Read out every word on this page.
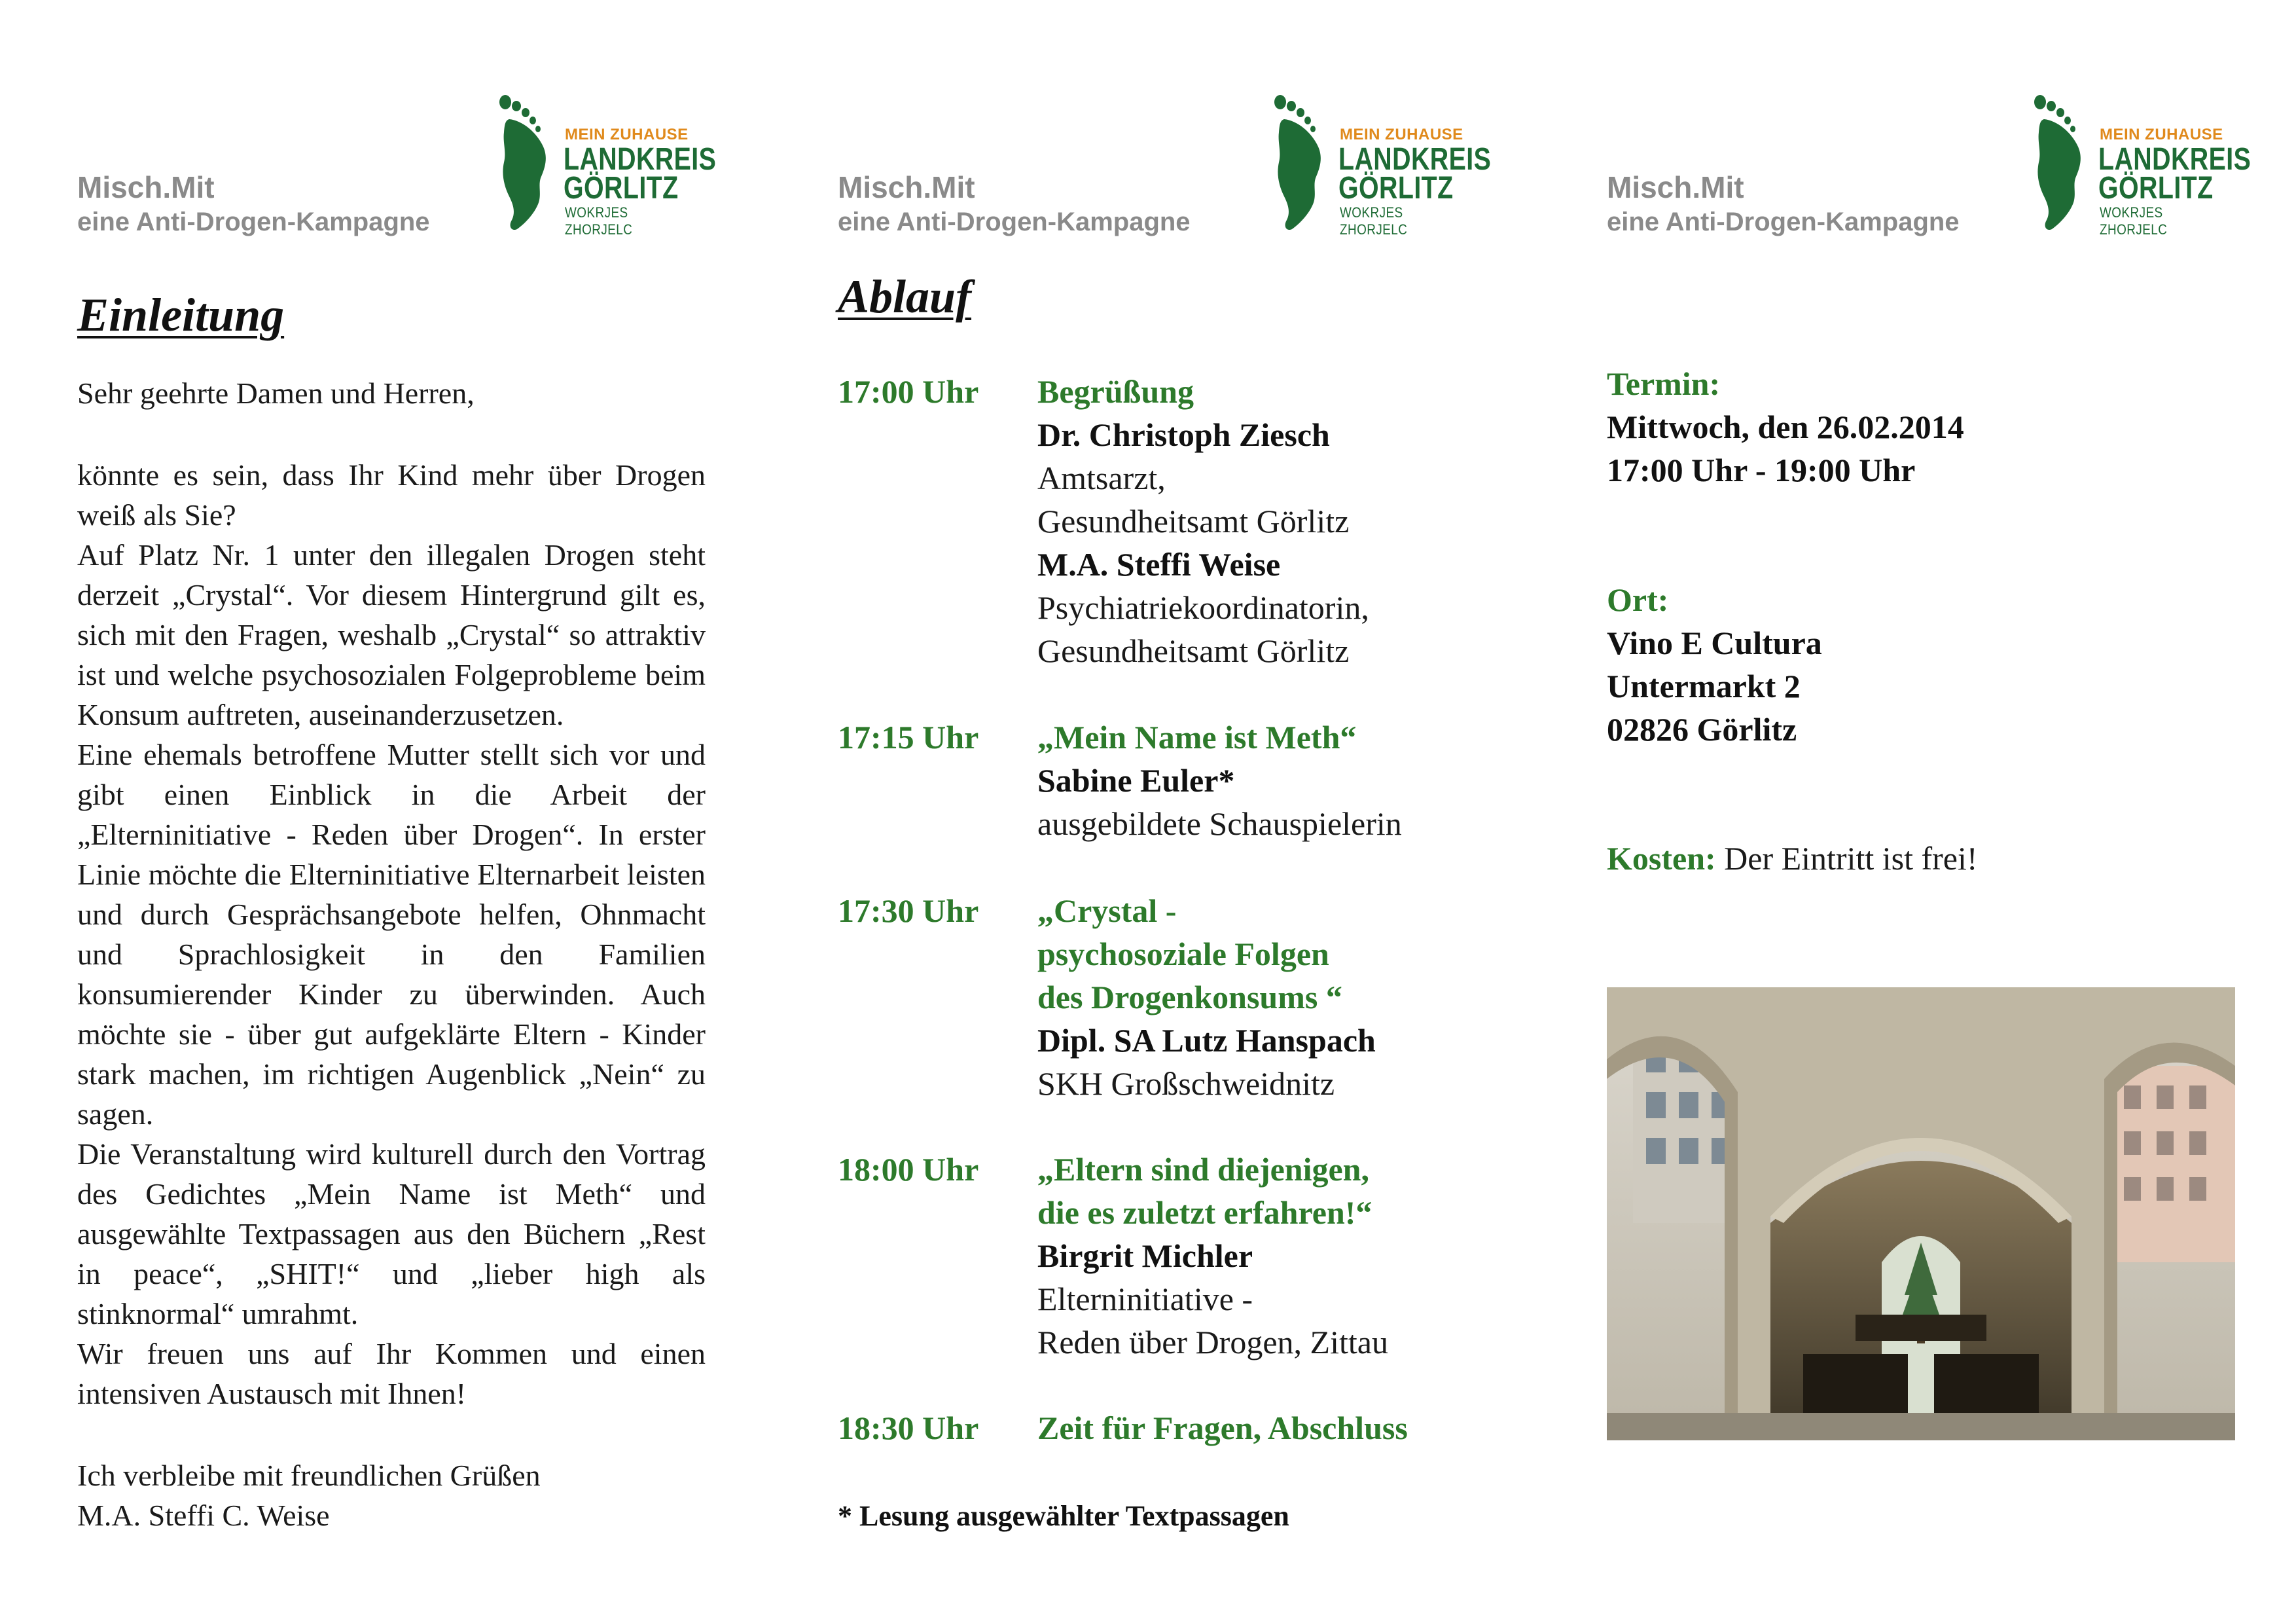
Misch.Mit
eine Anti-Drogen-Kampagne
MEIN ZUHAUSE
LANDKREIS
GÖRLITZ
WOKRJES ZHORJELC
Einleitung

Sehr geehrte Damen und Herren,

könnte es sein, dass Ihr Kind mehr über Drogen weiß als Sie?

Auf Platz Nr. 1 unter den illegalen Drogen steht derzeit „Crystal“. Vor diesem Hintergrund gilt es, sich mit den Fragen, weshalb „Crystal“ so attraktiv ist und welche psychosozialen Folgeprobleme beim Konsum auftreten, auseinanderzusetzen.

Eine ehemals betroffene Mutter stellt sich vor und gibt einen Einblick in die Arbeit der „Elterninitiative - Reden über Drogen“. In erster Linie möchte die Elterninitiative Elternarbeit leisten und durch Gesprächsangebote helfen, Ohnmacht und Sprachlosigkeit in den Familien konsumierender Kinder zu überwinden. Auch möchte sie - über gut aufgeklärte Eltern - Kinder stark machen, im richtigen Augenblick „Nein“ zu sagen.

Die Veranstaltung wird kulturell durch den Vortrag des Gedichtes „Mein Name ist Meth“ und ausgewählte Textpassagen aus den Büchern „Rest in peace“, „SHIT!“ und „lieber high als stinknormal“ umrahmt.

Wir freuen uns auf Ihr Kommen und einen intensiven Austausch mit Ihnen!

Ich verbleibe mit freundlichen Grüßen

M.A. Steffi C. Weise

Misch.Mit
eine Anti-Drogen-Kampagne
MEIN ZUHAUSE
LANDKREIS
GÖRLITZ
WOKRJES ZHORJELC
Ablauf
17:00 Uhr Begrüßung
Dr. Christoph Ziesch
Amtsarzt,
Gesundheitsamt Görlitz
M.A. Steffi Weise
Psychiatriekoordinatorin,
Gesundheitsamt Görlitz
17:15 Uhr „Mein Name ist Meth“
Sabine Euler*
ausgebildete Schauspielerin
17:30 Uhr „Crystal -
psychosoziale Folgen
des Drogenkonsums “
Dipl. SA Lutz Hanspach
SKH Großschweidnitz
18:00 Uhr „Eltern sind diejenigen,
die es zuletzt erfahren!“
Birgrit Michler
Elterninitiative -
Reden über Drogen, Zittau
18:30 Uhr Zeit für Fragen, Abschluss
* Lesung ausgewählter Textpassagen
Misch.Mit
eine Anti-Drogen-Kampagne
MEIN ZUHAUSE
LANDKREIS
GÖRLITZ
WOKRJES ZHORJELC
Termin:
Mittwoch, den 26.02.2014
17:00 Uhr - 19:00 Uhr
Ort:
Vino E Cultura
Untermarkt 2
02826 Görlitz
Kosten: Der Eintritt ist frei!
